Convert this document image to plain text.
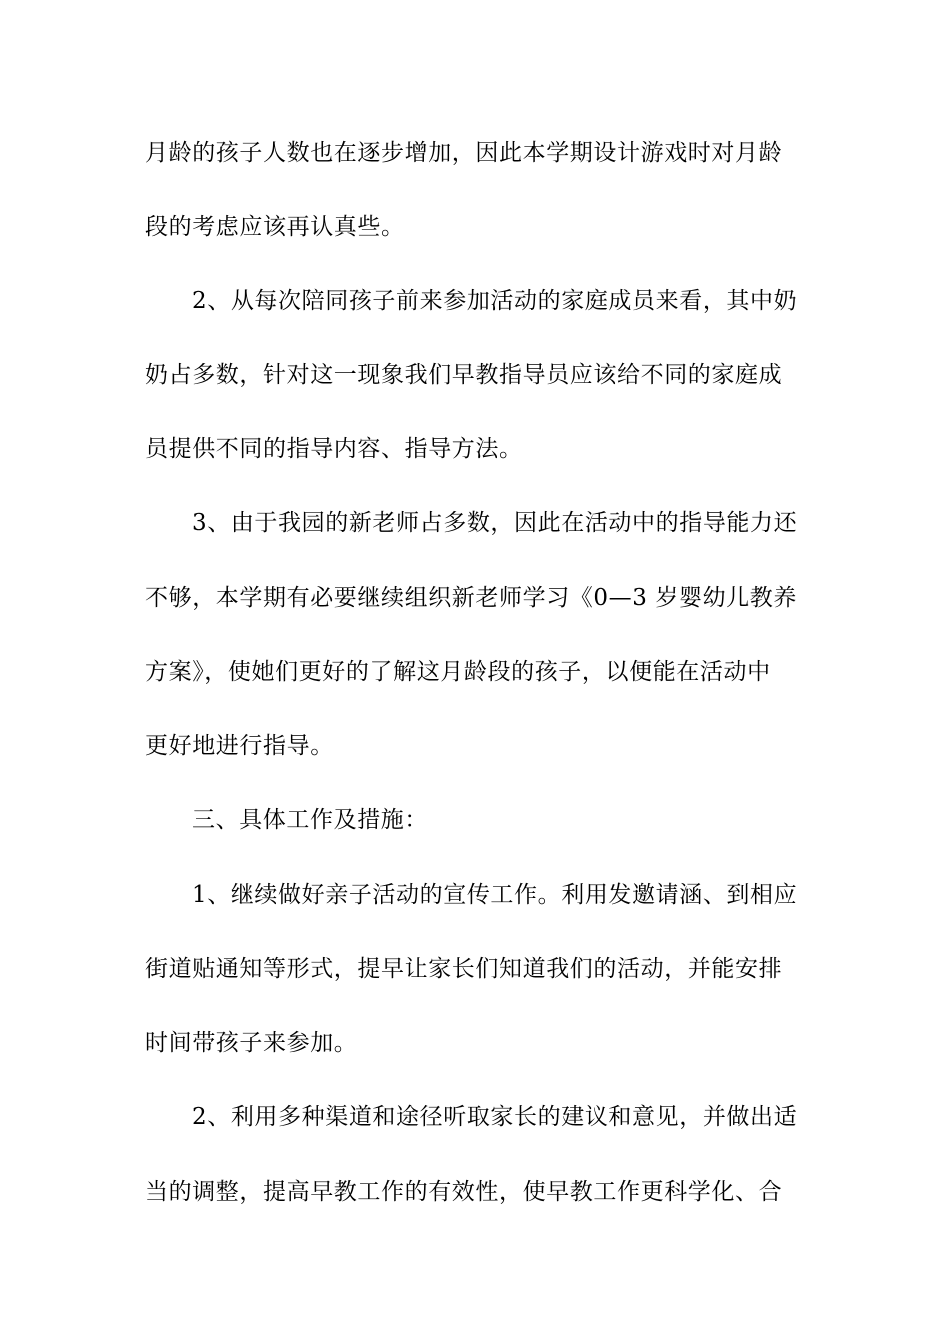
月龄的孩子人数也在逐步增加，因此本学期设计游戏时对月龄
段的考虑应该再认真些。
2、从每次陪同孩子前来参加活动的家庭成员来看，其中奶
奶占多数，针对这一现象我们早教指导员应该给不同的家庭成
员提供不同的指导内容、指导方法。
3、由于我园的新老师占多数，因此在活动中的指导能力还
不够，本学期有必要继续组织新老师学习《0—3 岁婴幼儿教养
方案》，使她们更好的了解这月龄段的孩子，以便能在活动中
更好地进行指导。
三、具体工作及措施：
1、继续做好亲子活动的宣传工作。利用发邀请涵、到相应
街道贴通知等形式，提早让家长们知道我们的活动，并能安排
时间带孩子来参加。
2、利用多种渠道和途径听取家长的建议和意见，并做出适
当的调整，提高早教工作的有效性，使早教工作更科学化、合
